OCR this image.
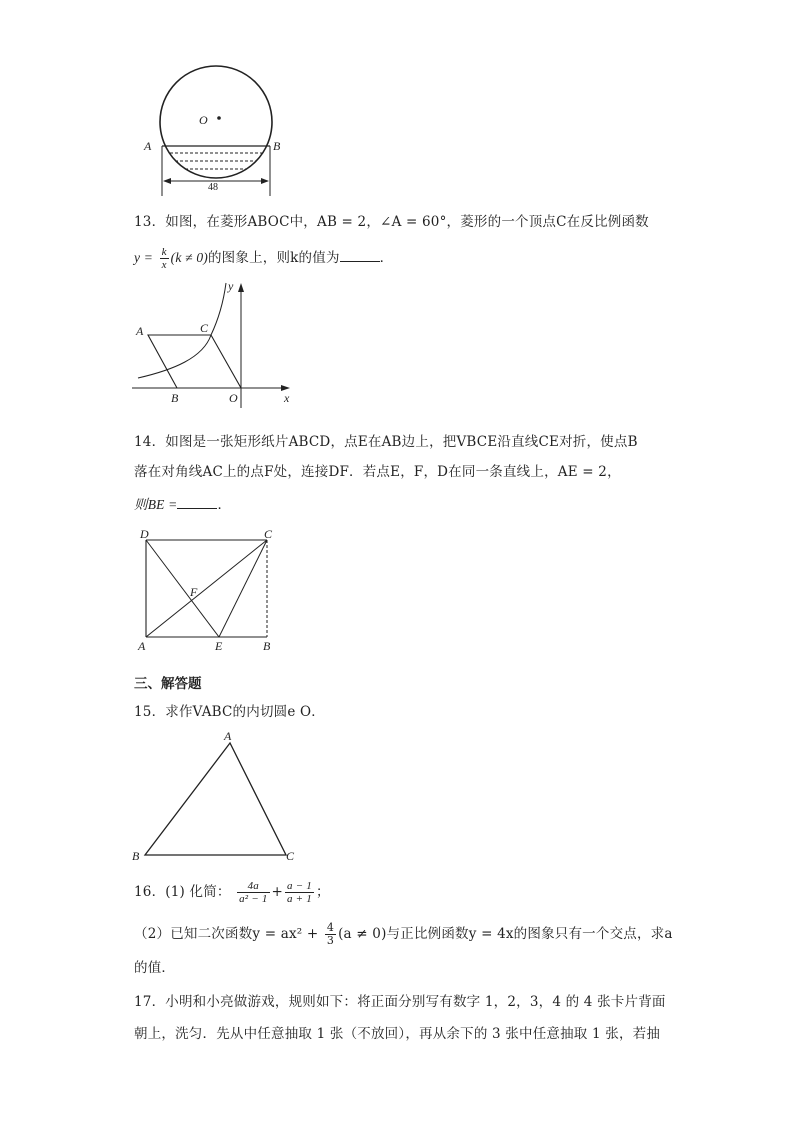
O
A	B
48
13．如图，在菱形ABOC中，AB = 2，∠A = 60°，菱形的一个顶点C在反比例函数
$y = \frac{k}{x} (k \ne 0)$的图象上，则k的值为	．
A	C
B	O	x
y
14．如图是一张矩形纸片ABCD，点E在AB边上，把VBCE沿直线CE对折，使点B
落在对角线AC上的点F处，连接DF．若点E，F，D在同一条直线上，AE = 2，
则BE =	．
D	C
F
A	E	B
三、解答题
15．求作VABC的内切圆e O．
A
B	C
16．(1) 化简： $\frac{4a}{\text{a² − 1}} + \frac{a - 1}{a + 1}$ ；
（2）已知二次函数$y = ax^2 + \frac{4}{3} (a \ne 0)$与正比例函数y = 4x的图象只有一个交点，求a
的值．
17．小明和小亮做游戏，规则如下：将正面分别写有数字 1，2，3，4 的 4 张卡片背面
朝上，洗匀．先从中任意抽取 1 张（不放回），再从余下的 3 张中任意抽取 1 张，若抽
